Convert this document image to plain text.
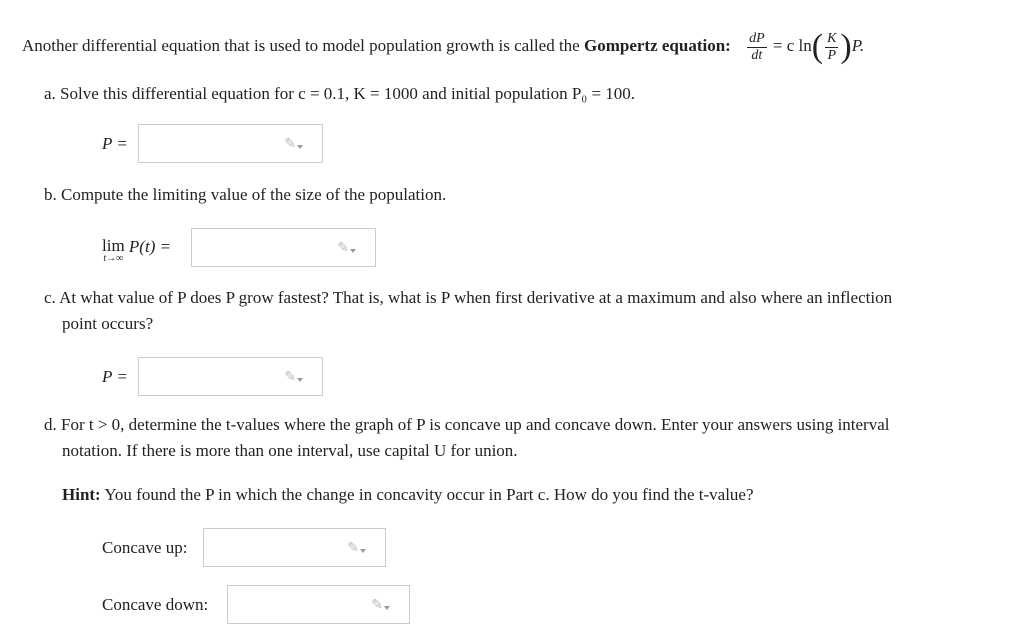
Another differential equation that is used to model population growth is called the Gompertz equation: $\frac{dP}{dt} = c$ $\ln( \frac{K}{P} )P$.
a. Solve this differential equation for c = 0.1, K = 1000 and initial population P₀ = 100.
P =	✎
b. Compute the limiting value of the size of the population.
lim
t→∞
P(t) =	✎
c. At what value of P does P grow fastest? That is, what is P when first derivative at a maximum and also where an inflection
point occurs?
P =	✎
d. For t > 0, determine the t-values where the graph of P is concave up and concave down. Enter your answers using interval
notation. If there is more than one interval, use capital U for union.
Hint: You found the P in which the change in concavity occur in Part c. How do you find the t-value?
Concave up:	✎
Concave down:	✎
